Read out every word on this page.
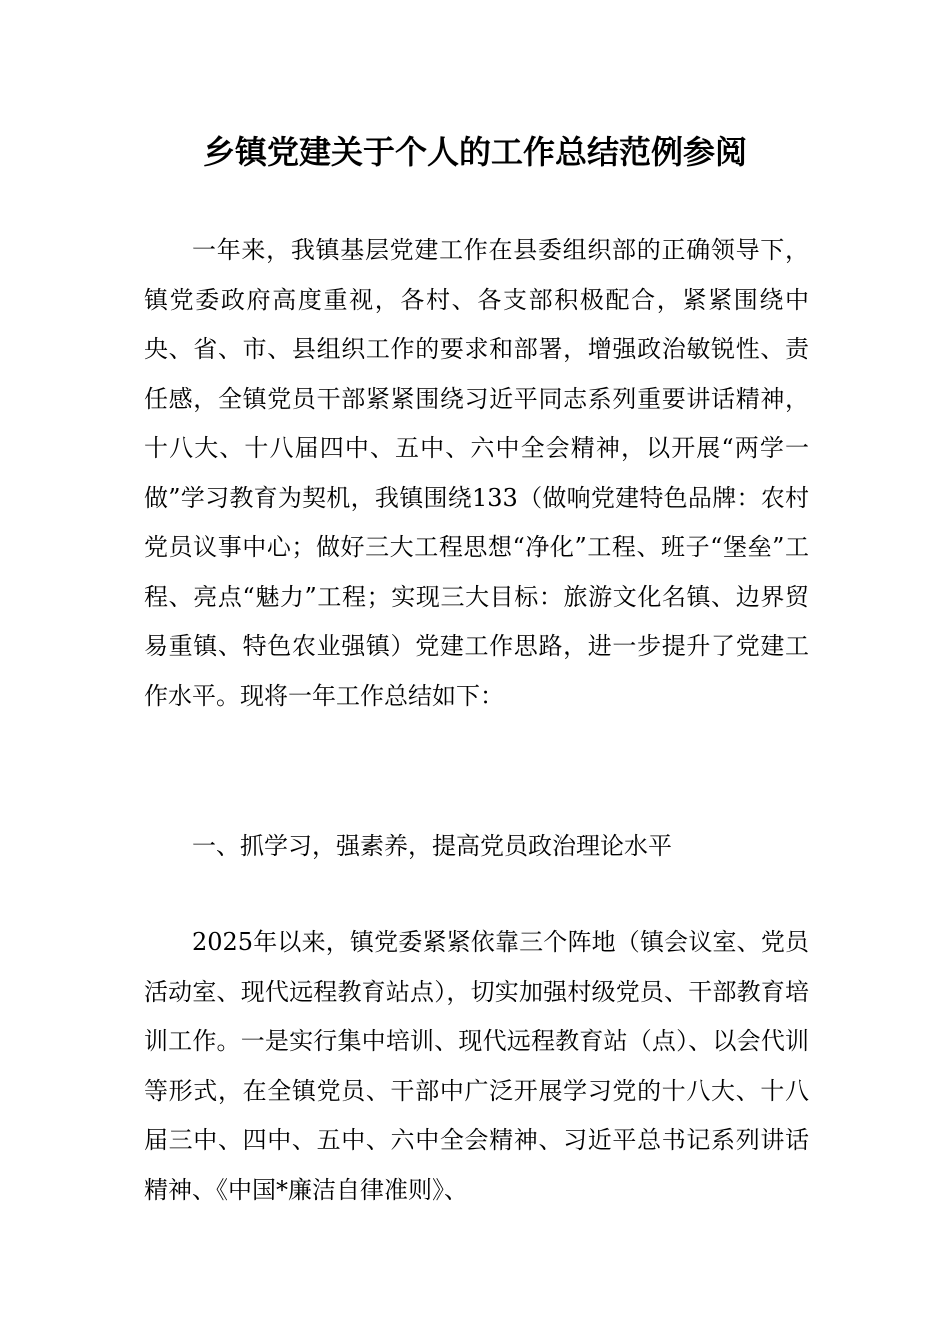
乡镇党建关于个人的工作总结范例参阅

一年来，我镇基层党建工作在县委组织部的正确领导下，镇党委政府高度重视，各村、各支部积极配合，紧紧围绕中央、省、市、县组织工作的要求和部署，增强政治敏锐性、责任感，全镇党员干部紧紧围绕习近平同志系列重要讲话精神，十八大、十八届四中、五中、六中全会精神，以开展“两学一做”学习教育为契机，我镇围绕133（做响党建特色品牌：农村党员议事中心；做好三大工程思想“净化”工程、班子“堡垒”工程、亮点“魅力”工程；实现三大目标：旅游文化名镇、边界贸易重镇、特色农业强镇）党建工作思路，进一步提升了党建工作水平。现将一年工作总结如下：

一、抓学习，强素养，提高党员政治理论水平

2025年以来，镇党委紧紧依靠三个阵地（镇会议室、党员活动室、现代远程教育站点），切实加强村级党员、干部教育培训工作。一是实行集中培训、现代远程教育站（点）、以会代训等形式，在全镇党员、干部中广泛开展学习党的十八大、十八届三中、四中、五中、六中全会精神、习近平总书记系列讲话精神、《中国*廉洁自律准则》、
